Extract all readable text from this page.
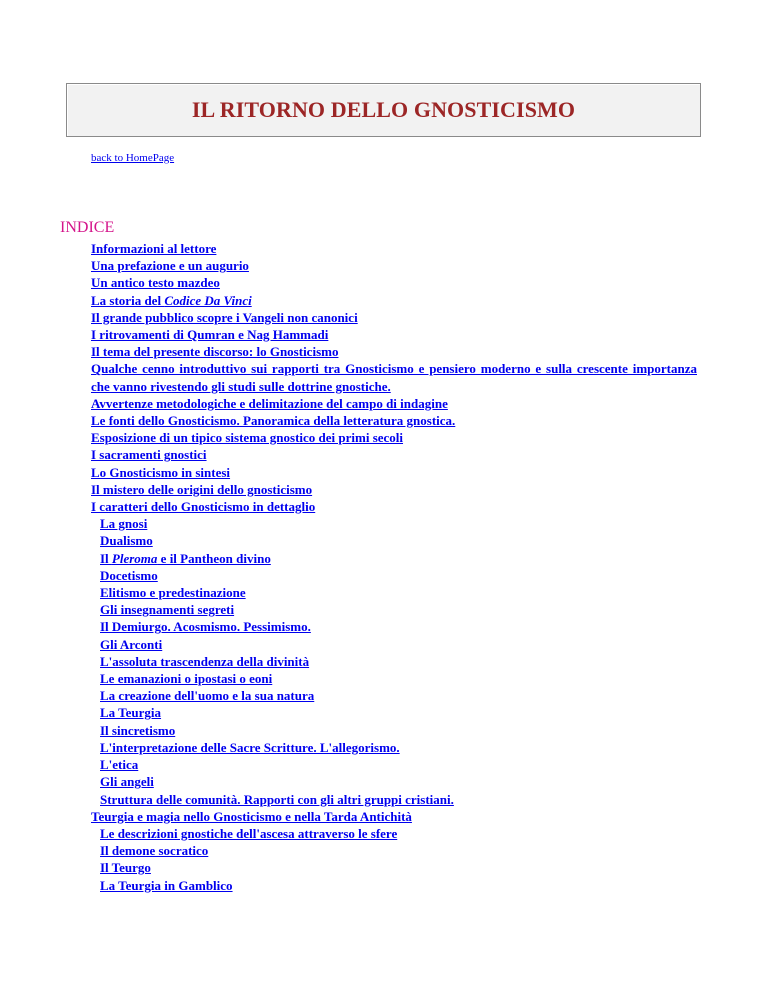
IL RITORNO DELLO GNOSTICISMO
back to HomePage
INDICE
Informazioni al lettore
Una prefazione e un augurio
Un antico testo mazdeo
La storia del Codice Da Vinci
Il grande pubblico scopre i Vangeli non canonici
I ritrovamenti di Qumran e Nag Hammadi
Il tema del presente discorso: lo Gnosticismo
Qualche cenno introduttivo sui rapporti tra Gnosticismo e pensiero moderno e sulla crescente importanza che vanno rivestendo gli studi sulle dottrine gnostiche.
Avvertenze metodologiche e delimitazione del campo di indagine
Le fonti dello Gnosticismo. Panoramica della letteratura gnostica.
Esposizione di un tipico sistema gnostico dei primi secoli
I sacramenti gnostici
Lo Gnosticismo in sintesi
Il mistero delle origini dello gnosticismo
I caratteri dello Gnosticismo in dettaglio
La gnosi
Dualismo
Il Pleroma e il Pantheon divino
Docetismo
Elitismo e predestinazione
Gli insegnamenti segreti
Il Demiurgo. Acosmismo. Pessimismo.
Gli Arconti
L'assoluta trascendenza della divinità
Le emanazioni o ipostasi o eoni
La creazione dell'uomo e la sua natura
La Teurgia
Il sincretismo
L'interpretazione delle Sacre Scritture. L'allegorismo.
L'etica
Gli angeli
Struttura delle comunità. Rapporti con gli altri gruppi cristiani.
Teurgia e magia nello Gnosticismo e nella Tarda Antichità
Le descrizioni gnostiche dell'ascesa attraverso le sfere
Il demone socratico
Il Teurgo
La Teurgia in Gamblico
